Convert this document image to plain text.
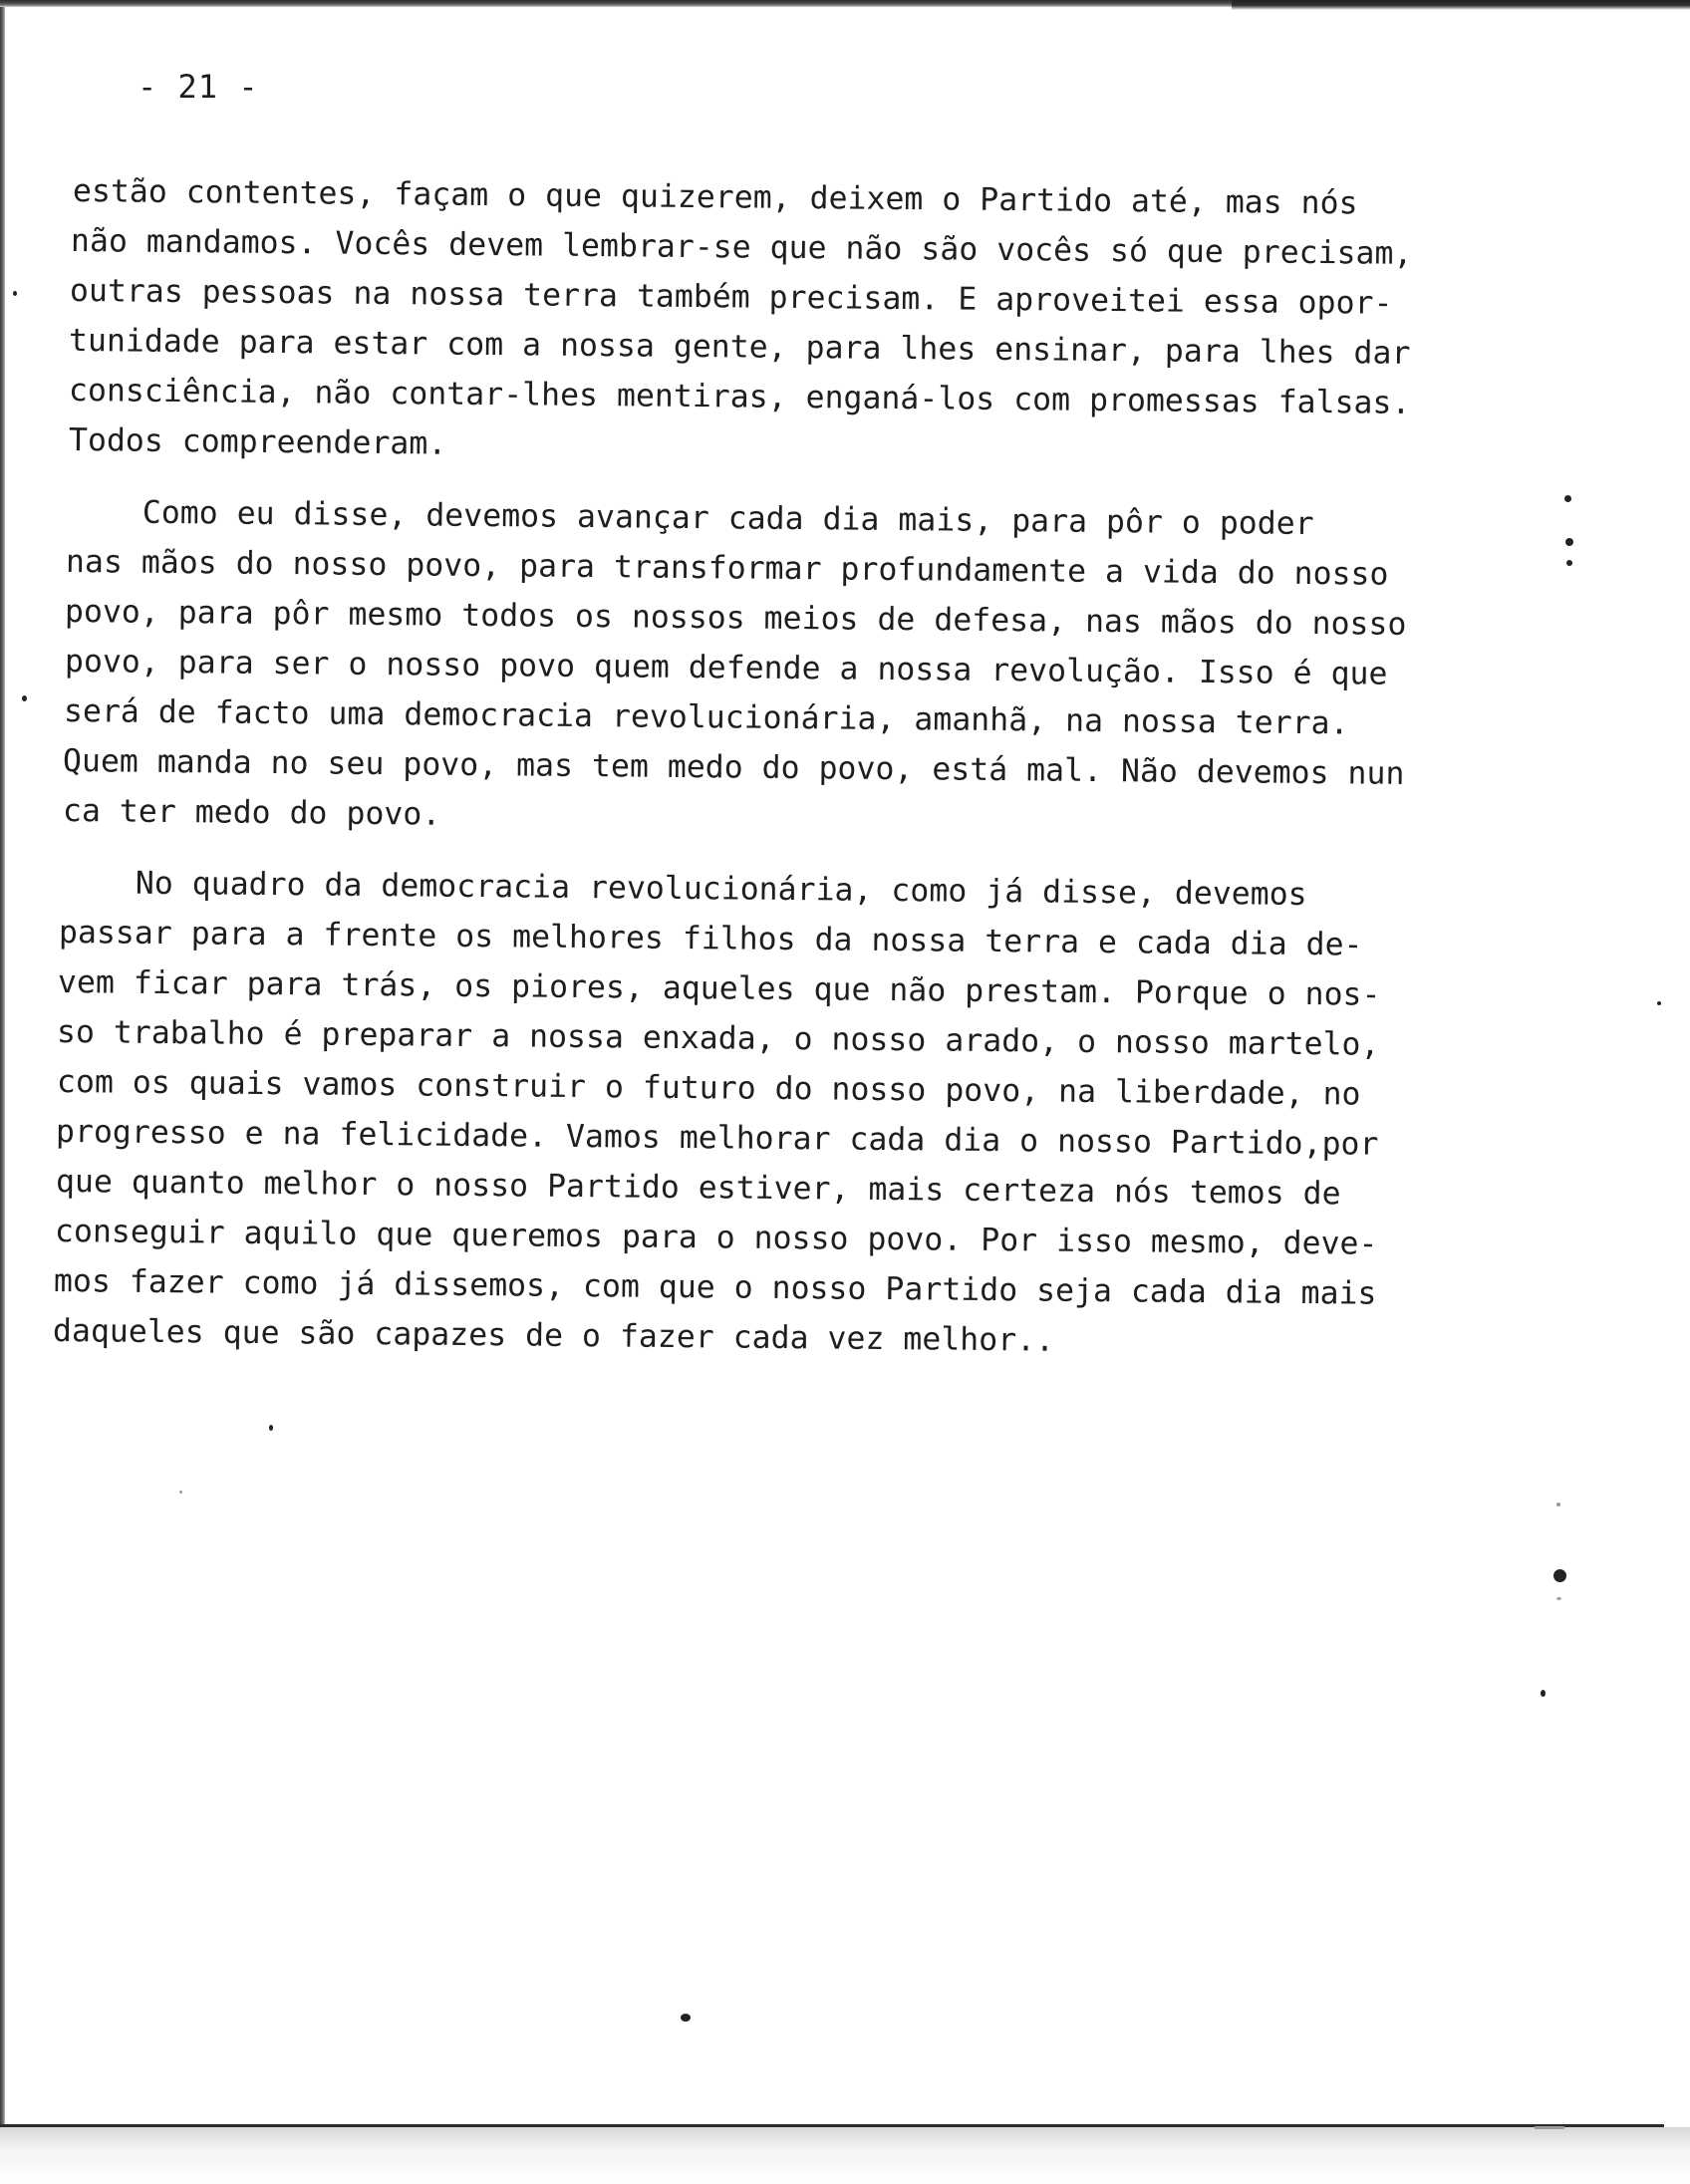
- 21 -
estão contentes, façam o que quizerem, deixem o Partido até, mas nós
não mandamos. Vocês devem lembrar-se que não são vocês só que precisam,
outras pessoas na nossa terra também precisam. E aproveitei essa opor-
tunidade para estar com a nossa gente, para lhes ensinar, para lhes dar
consciência, não contar-lhes mentiras, enganá-los com promessas falsas.
Todos compreenderam.
Como eu disse, devemos avançar cada dia mais, para pôr o poder
nas mãos do nosso povo, para transformar profundamente a vida do nosso
povo, para pôr mesmo todos os nossos meios de defesa, nas mãos do nosso
povo, para ser o nosso povo quem defende a nossa revolução. Isso é que
será de facto uma democracia revolucionária, amanhã, na nossa terra.
Quem manda no seu povo, mas tem medo do povo, está mal. Não devemos nun
ca ter medo do povo.
No quadro da democracia revolucionária, como já disse, devemos
passar para a frente os melhores filhos da nossa terra e cada dia de-
vem ficar para trás, os piores, aqueles que não prestam. Porque o nos-
so trabalho é preparar a nossa enxada, o nosso arado, o nosso martelo,
com os quais vamos construir o futuro do nosso povo, na liberdade, no
progresso e na felicidade. Vamos melhorar cada dia o nosso Partido,por
que quanto melhor o nosso Partido estiver, mais certeza nós temos de
conseguir aquilo que queremos para o nosso povo. Por isso mesmo, deve-
mos fazer como já dissemos, com que o nosso Partido seja cada dia mais
daqueles que são capazes de o fazer cada vez melhor..
